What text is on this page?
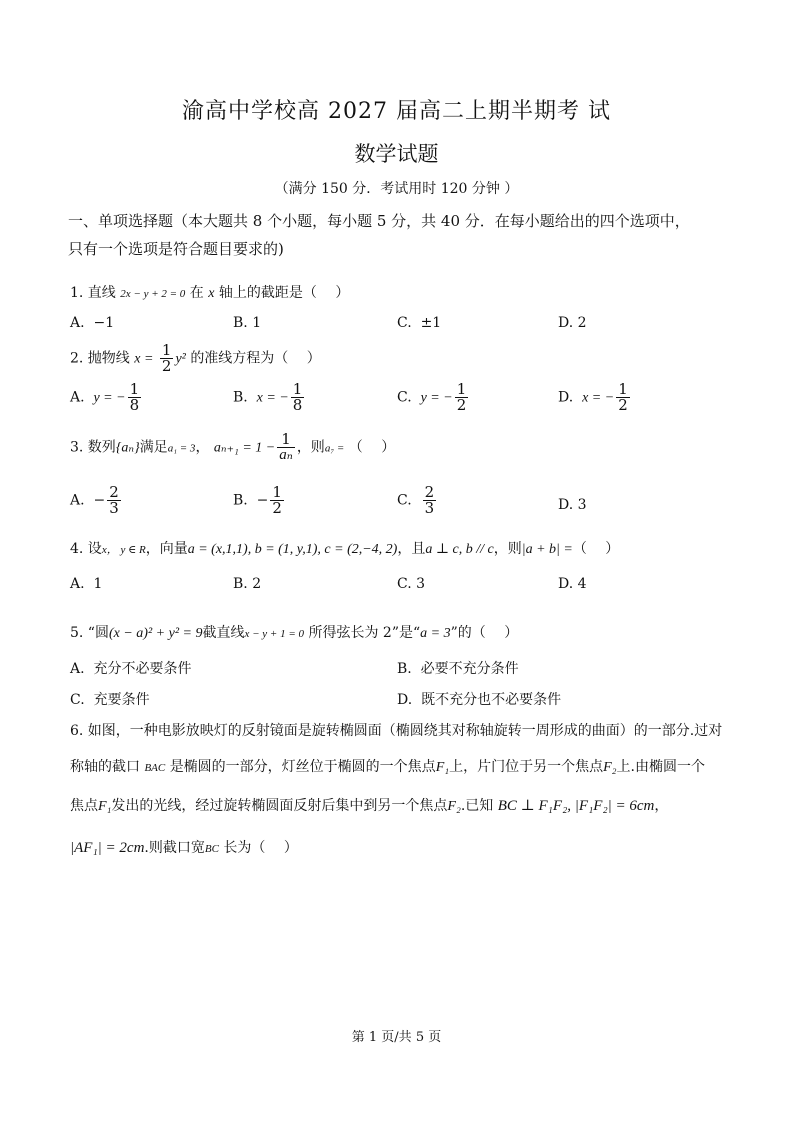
渝高中学校高 2027 届高二上期半期考 试
数学试题
（满分 150 分．考试用时 120 分钟 ）
一、单项选择题（本大题共 8 个小题，每小题 5 分，共 40 分．在每小题给出的四个选项中，
只有一个选项是符合题目要求的)
1. 直线 2x − y + 2 = 0 在 x 轴上的截距是（　 ）
A. −1	B. 1	C. ±1	D. 2
2. 抛物线 $x = \frac{1}{2} y^2$ 的准线方程为（　 ）
A. y = − $\frac{1}{8}$	B. x = − $\frac{1}{8}$	C. y = − $\frac{1}{2}$	D. x = − $\frac{1}{2}$
3. 数列{aₙ}满足a₁ = 3， $a_{n+1} = 1 - \frac{1}{\text{aₙ}}$ ，则a₇ = （　 ）
A. − $\frac{2}{3}$	B. − $\frac{1}{2}$	C. $\frac{2}{3}$	D. 3
4. 设x， y ∈ R，向量a = (x,1,1), b = (1, y,1), c = (2,−4, 2)，且a ⊥ c, b // c，则|a + b| =（　 ）
A. 1	B. 2	C. 3	D. 4
5. “圆(x − a)² + y² = 9截直线x − y + 1 = 0 所得弦长为 2”是“a = 3”的（　 ）
A. 充分不必要条件	B. 必要不充分条件
C. 充要条件	D. 既不充分也不必要条件
6. 如图，一种电影放映灯的反射镜面是旋转椭圆面（椭圆绕其对称轴旋转一周形成的曲面）的一部分.过对
称轴的截口 BAC 是椭圆的一部分，灯丝位于椭圆的一个焦点F₁上，片门位于另一个焦点F₂上.由椭圆一个
焦点F₁发出的光线，经过旋转椭圆面反射后集中到另一个焦点F₂.已知 BC ⊥ F₁F₂, |F₁F₂| = 6cm，
|AF₁| = 2cm.则截口宽BC 长为（　 ）
第 1 页/共 5 页
